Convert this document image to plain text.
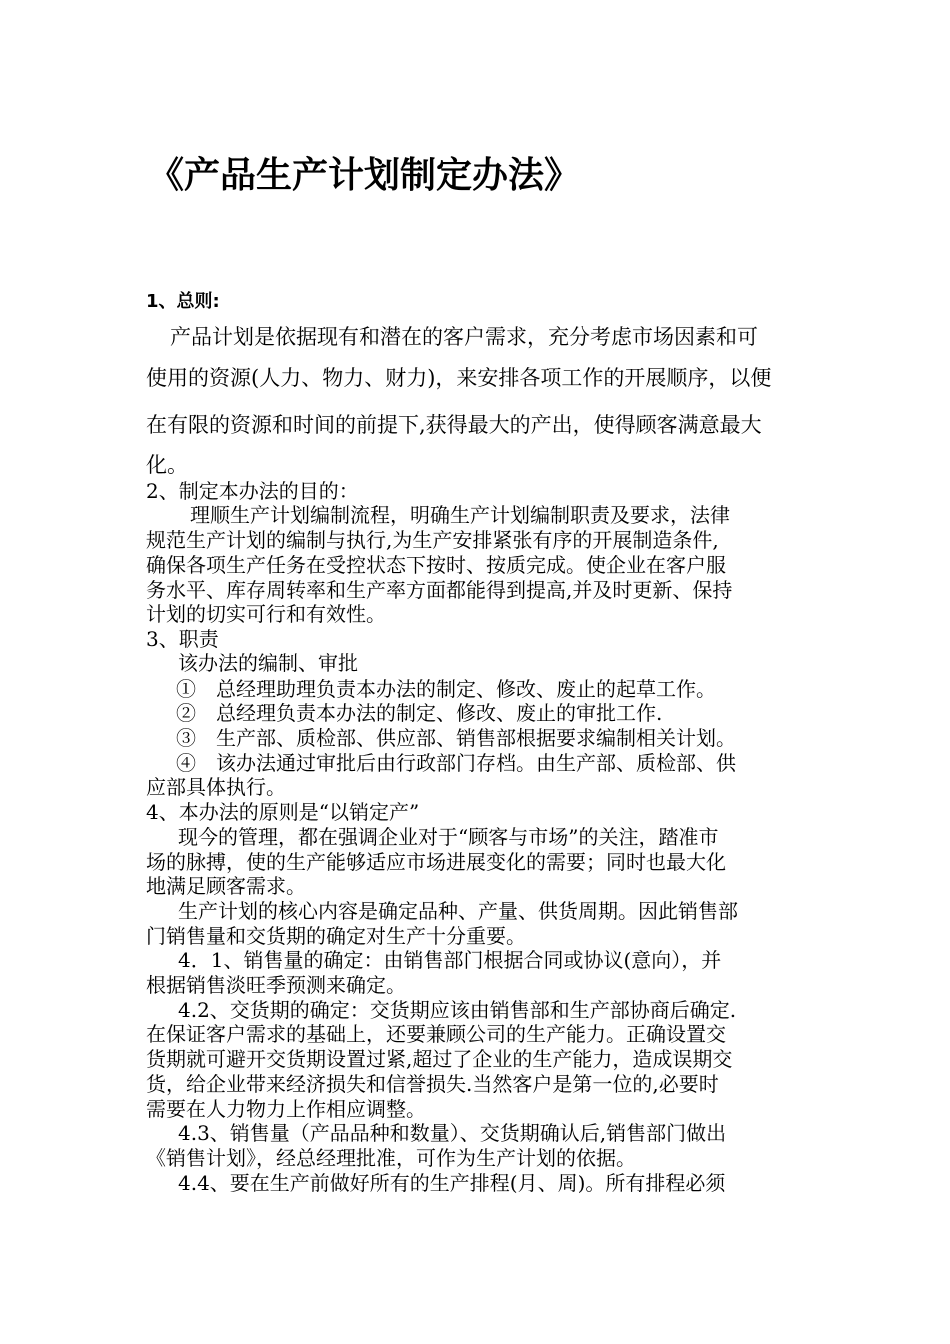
《产品生产计划制定办法》
1、总则:
产品计划是依据现有和潜在的客户需求，充分考虑市场因素和可
使用的资源(人力、物力、财力)，来安排各项工作的开展顺序，以便
在有限的资源和时间的前提下,获得最大的产出，使得顾客满意最大
化。
2、制定本办法的目的：
理顺生产计划编制流程，明确生产计划编制职责及要求，法律
规范生产计划的编制与执行,为生产安排紧张有序的开展制造条件,
确保各项生产任务在受控状态下按时、按质完成。使企业在客户服
务水平、库存周转率和生产率方面都能得到提高,并及时更新、保持
计划的切实可行和有效性。
3、职责
该办法的编制、审批
①　总经理助理负责本办法的制定、修改、废止的起草工作。
②　总经理负责本办法的制定、修改、废止的审批工作.
③　生产部、质检部、供应部、销售部根据要求编制相关计划。
④　该办法通过审批后由行政部门存档。由生产部、质检部、供
应部具体执行。
4、本办法的原则是“以销定产”
现今的管理，都在强调企业对于“顾客与市场”的关注，踏准市
场的脉搏，使的生产能够适应市场进展变化的需要；同时也最大化
地满足顾客需求。
生产计划的核心内容是确定品种、产量、供货周期。因此销售部
门销售量和交货期的确定对生产十分重要。
4．1、销售量的确定：由销售部门根据合同或协议(意向），并
根据销售淡旺季预测来确定。
4.2、交货期的确定：交货期应该由销售部和生产部协商后确定.
在保证客户需求的基础上，还要兼顾公司的生产能力。正确设置交
货期就可避开交货期设置过紧,超过了企业的生产能力，造成误期交
货，给企业带来经济损失和信誉损失.当然客户是第一位的,必要时
需要在人力物力上作相应调整。
4.3、销售量（产品品种和数量）、交货期确认后,销售部门做出
《销售计划》，经总经理批准，可作为生产计划的依据。
4.4、要在生产前做好所有的生产排程(月、周)。所有排程必须
